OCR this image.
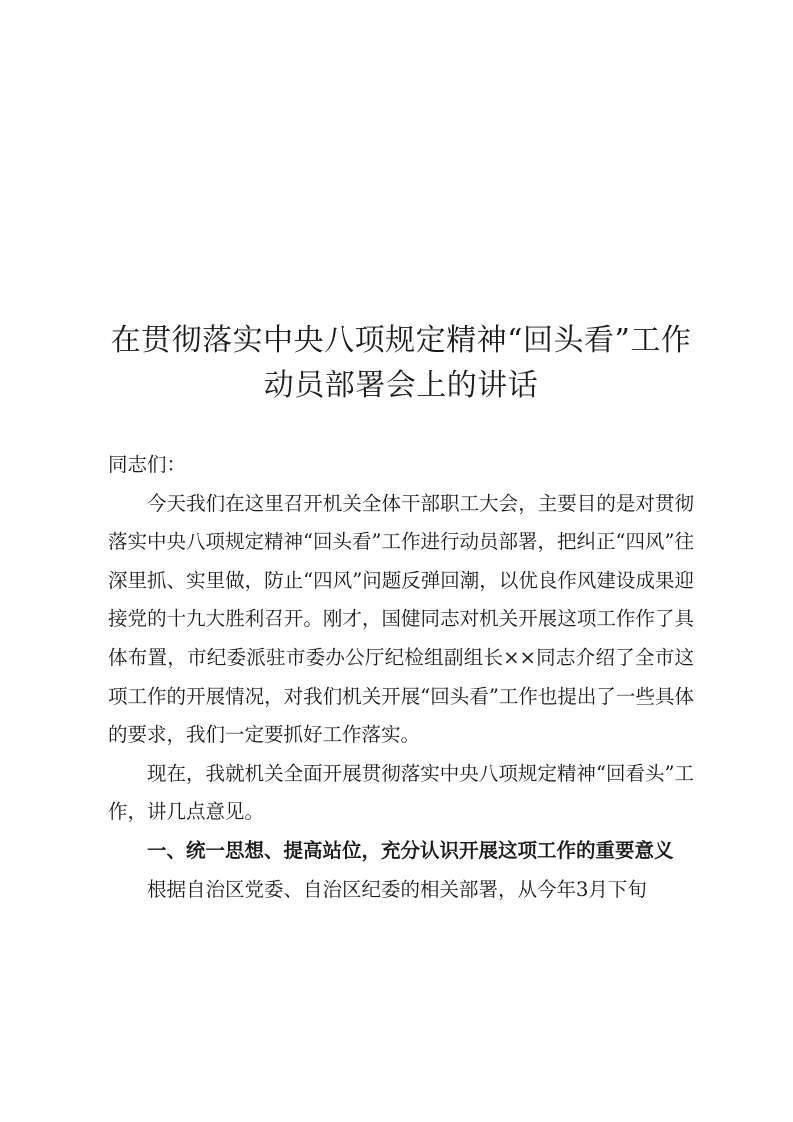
在贯彻落实中央八项规定精神“回头看”工作
动员部署会上的讲话

同志们：

今天我们在这里召开机关全体干部职工大会，主要目的是对贯彻落实中央八项规定精神“回头看”工作进行动员部署，把纠正“四风”往深里抓、实里做，防止“四风”问题反弹回潮，以优良作风建设成果迎接党的十九大胜利召开。刚才，国健同志对机关开展这项工作作了具体布置，市纪委派驻市委办公厅纪检组副组长××同志介绍了全市这项工作的开展情况，对我们机关开展“回头看”工作也提出了一些具体的要求，我们一定要抓好工作落实。

现在，我就机关全面开展贯彻落实中央八项规定精神“回看头”工作，讲几点意见。

一、统一思想、提高站位，充分认识开展这项工作的重要意义

根据自治区党委、自治区纪委的相关部署，从今年3月下旬
